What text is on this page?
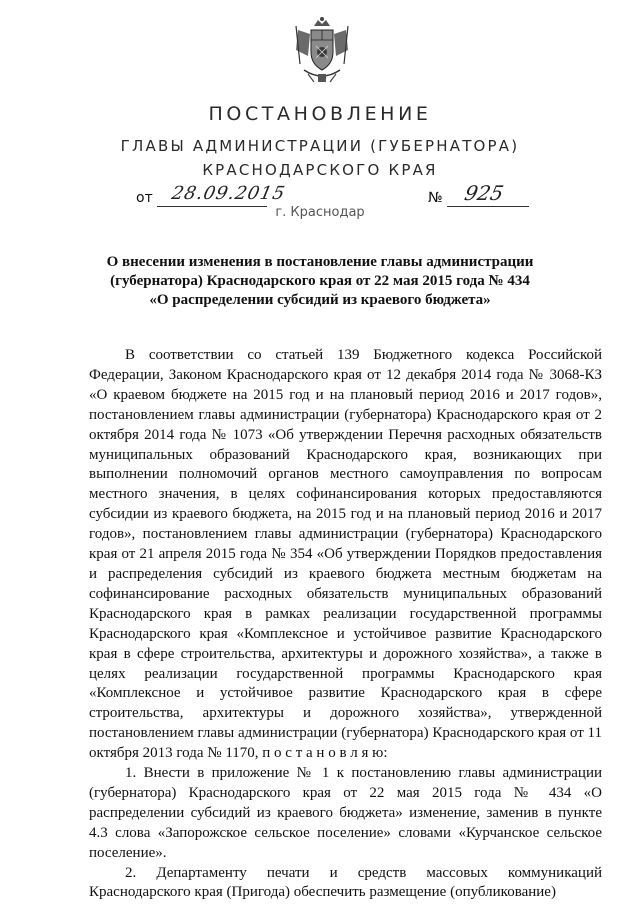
ПОСТАНОВЛЕНИЕ
ГЛАВЫ АДМИНИСТРАЦИИ (ГУБЕРНАТОРА)
КРАСНОДАРСКОГО КРАЯ
от 28.09.2015	№ 925
г. Краснодар
О внесении изменения в постановление главы администрации
(губернатора) Краснодарского края от 22 мая 2015 года № 434
«О распределении субсидий из краевого бюджета»

В соответствии со статьей 139 Бюджетного кодекса Российской Федерации, Законом Краснодарского края от 12 декабря 2014 года № 3068-КЗ «О краевом бюджете на 2015 год и на плановый период 2016 и 2017 годов», постановлением главы администрации (губернатора) Краснодарского края от 2 октября 2014 года № 1073 «Об утверждении Перечня расходных обязательств муниципальных образований Краснодарского края, возникающих при выполнении полномочий органов местного самоуправления по вопросам местного значения, в целях софинансирования которых предоставляются субсидии из краевого бюджета, на 2015 год и на плановый период 2016 и 2017 годов», постановлением главы администрации (губернатора) Краснодарского края от 21 апреля 2015 года № 354 «Об утверждении Порядков предоставления и распределения субсидий из краевого бюджета местным бюджетам на софинансирование расходных обязательств муниципальных образований Краснодарского края в рамках реализации государственной программы Краснодарского края «Комплексное и устойчивое развитие Краснодарского края в сфере строительства, архитектуры и дорожного хозяйства», а также в целях реализации государственной программы Краснодарского края «Комплексное и устойчивое развитие Краснодарского края в сфере строительства, архитектуры и дорожного хозяйства», утвержденной постановлением главы администрации (губернатора) Краснодарского края от 11 октября 2013 года № 1170, п о с т а н о в л я ю:

1. Внести в приложение № 1 к постановлению главы администрации (губернатора) Краснодарского края от 22 мая 2015 года № 434 «О распределении субсидий из краевого бюджета» изменение, заменив в пункте 4.3 слова «Запорожское сельское поселение» словами «Курчанское сельское поселение».

2. Департаменту печати и средств массовых коммуникаций Краснодарского края (Пригода) обеспечить размещение (опубликование)
